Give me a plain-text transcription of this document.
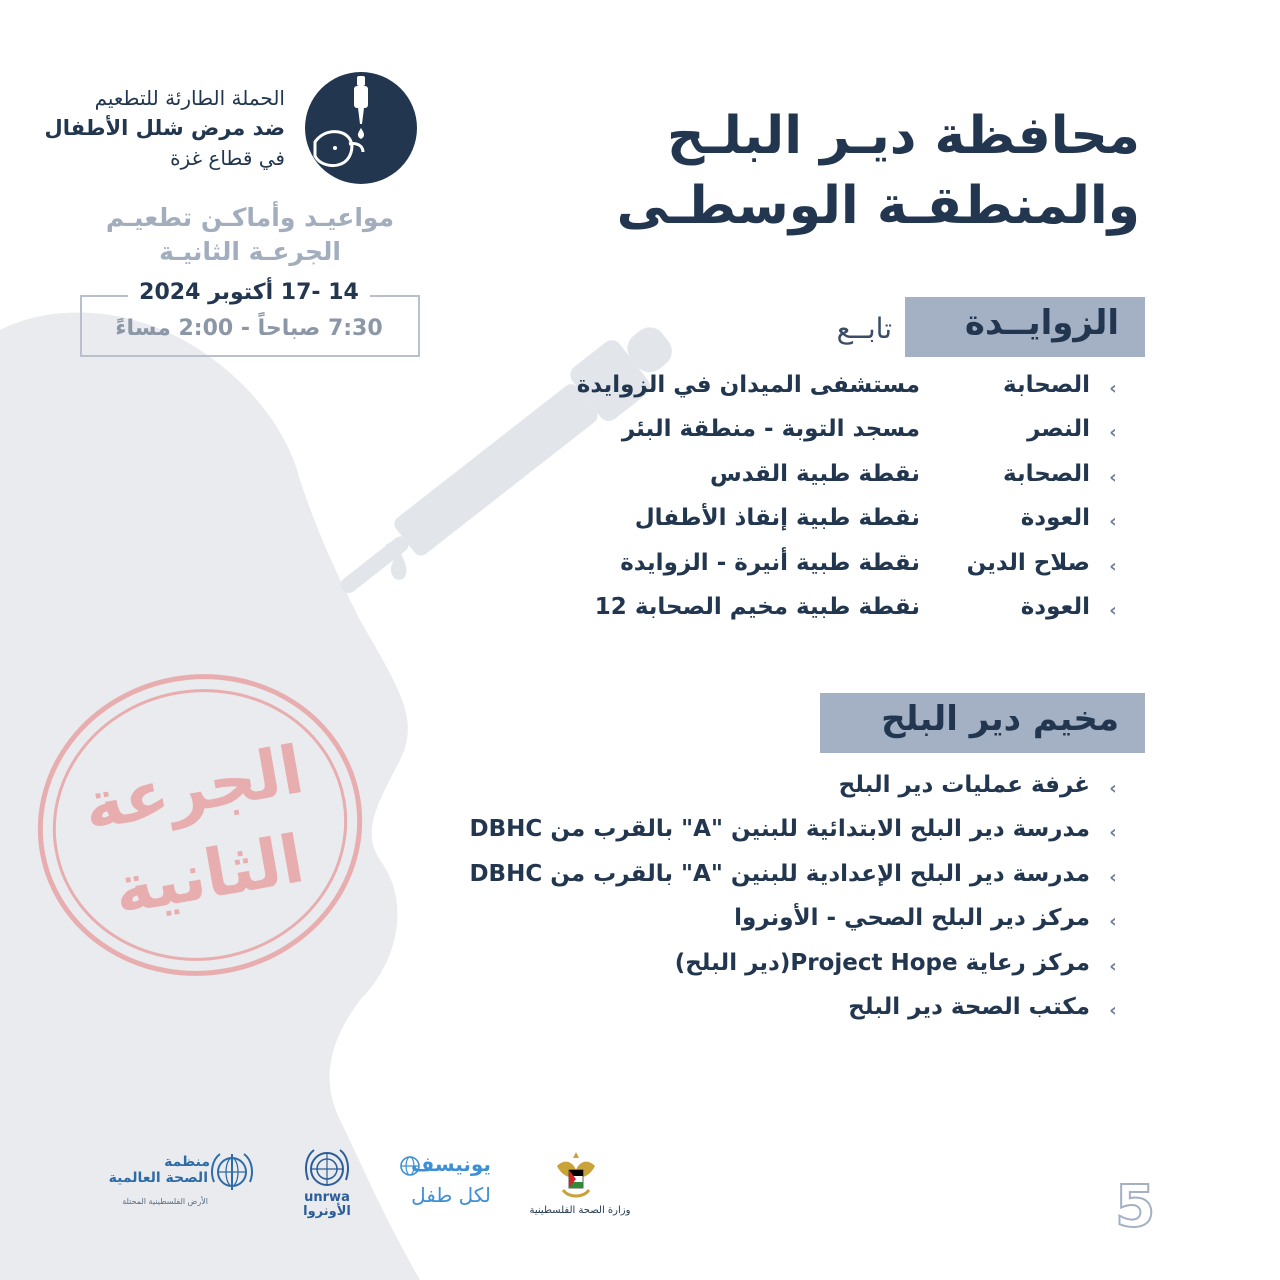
الحملة الطارئة للتطعيم
ضد مرض شلل الأطفال
في قطاع غزة
مواعيـد وأماكـن تطعيـم
الجرعـة الثانيـة
14 -17 أكتوبر 2024
7:30 صباحاً - 2:00 مساءً
محافظة ديـر البلـح
والمنطقـة الوسطـى
الزوايــدة
تابــع
‹
الصحابة
مستشفى الميدان في الزوايدة
‹
النصر
مسجد التوبة - منطقة البئر
‹
الصحابة
نقطة طبية القدس
‹
العودة
نقطة طبية إنقاذ الأطفال
‹
صلاح الدين
نقطة طبية أنيرة - الزوايدة
‹
العودة
نقطة طبية مخيم الصحابة 12
مخيم دير البلح
‹
غرفة عمليات دير البلح
‹
مدرسة دير البلح الابتدائية للبنين "A" بالقرب من DBHC
‹
مدرسة دير البلح الإعدادية للبنين "A" بالقرب من DBHC
‹
مركز دير البلح الصحي - الأونروا
‹
مركز رعاية Project Hope(دير البلح)
‹
مكتب الصحة دير البلح
الجرعة
الثانية
5
وزارة الصحة الفلسطينية
يونيسف
لكل طفل
unrwa
الأونروا
منظمة
الصحة العالمية
الأرض الفلسطينية المحتلة
